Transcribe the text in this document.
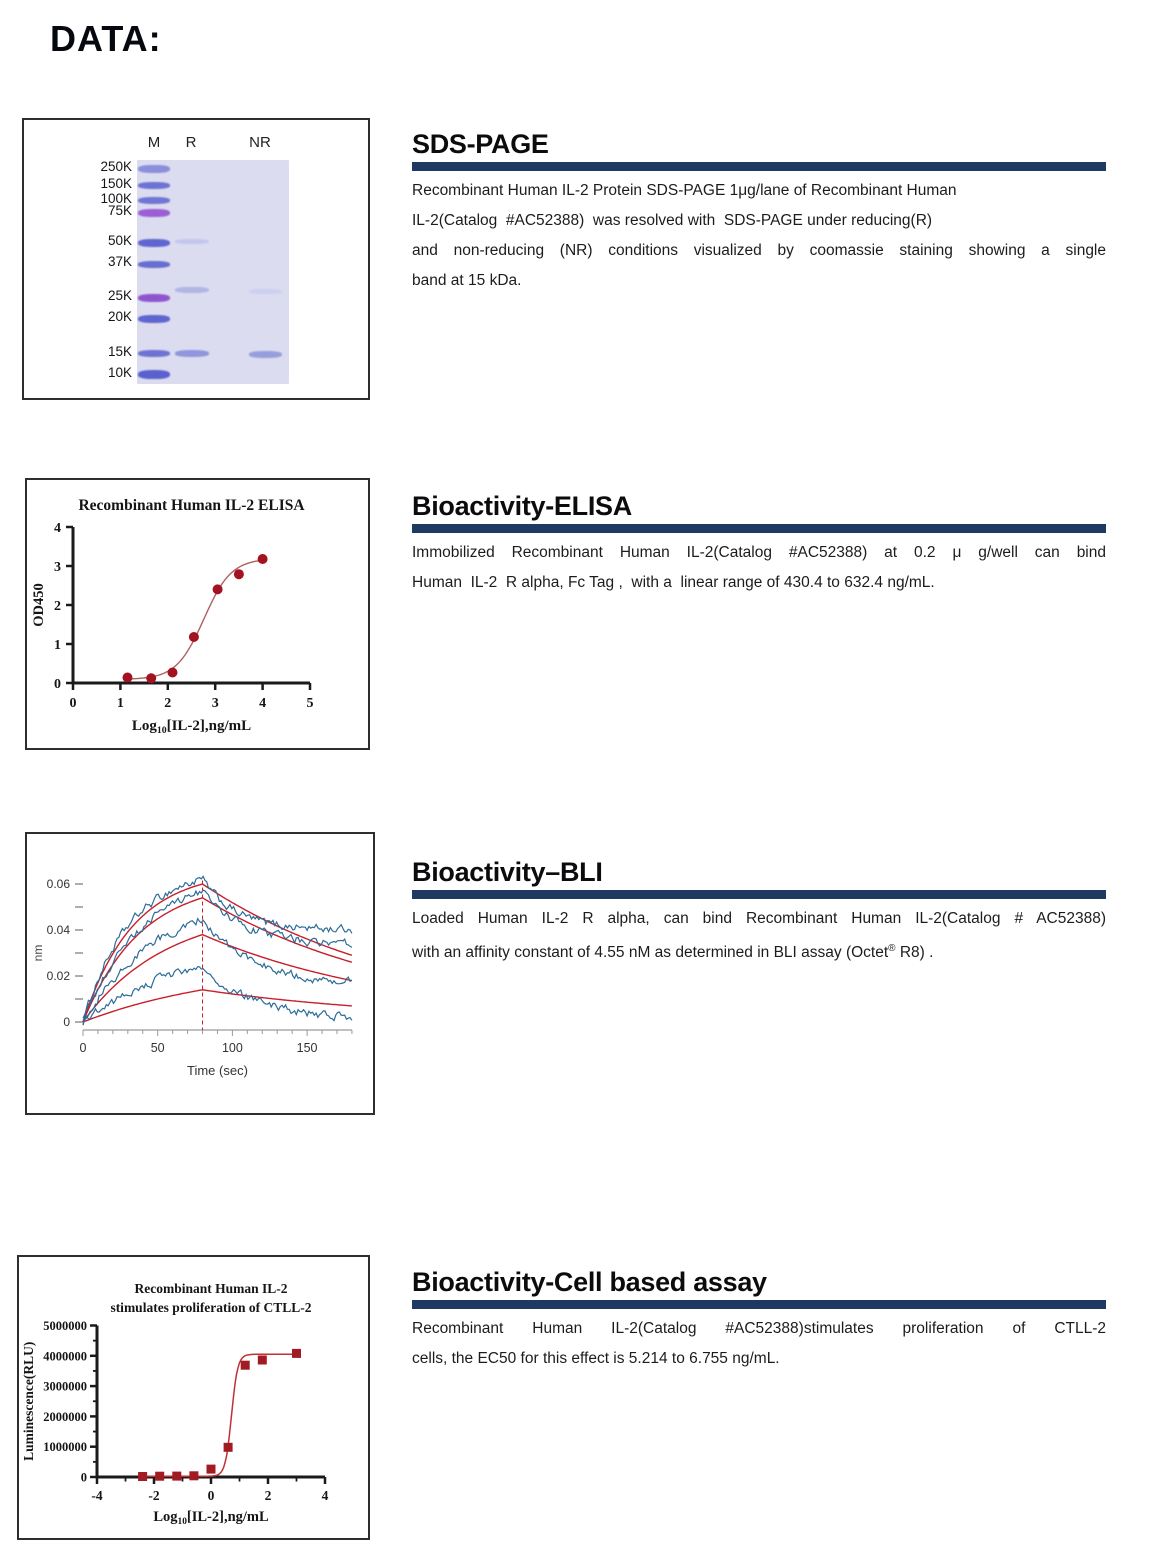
DATA:
M	R	NR
250K
150K
100K
75K
50K
37K
25K
20K
15K
10K
Recombinant Human IL-2 ELISA
0
1
2
3
4
0	1	2	3	4	5
OD450
Log$_{10}$[IL-2],ng/mL
0	50	100	150
Time (sec)
0
0.02
0.04
0.06
nm
Recombinant Human IL-2
stimulates proliferation of CTLL-2
0
1000000
2000000
3000000
4000000
5000000
-4	-2	0	2	4
Luminescence(RLU)
Log$_{10}$[IL-2],ng/mL
SDS-PAGE
Recombinant Human IL-2 Protein SDS-PAGE 1μg/lane of Recombinant Human
IL-2(Catalog  #AC52388)  was resolved with  SDS-PAGE under reducing(R)
and non-reducing (NR) conditions visualized by coomassie staining showing a single
band at 15 kDa.
Bioactivity-ELISA
Immobilized Recombinant Human IL-2(Catalog #AC52388) at 0.2 μ g/well can bind
Human  IL-2  R alpha, Fc Tag ,  with a  linear range of 430.4 to 632.4 ng/mL.
Bioactivity–BLI
Loaded Human IL-2 R alpha, can bind Recombinant Human IL-2(Catalog # AC52388)
with an affinity constant of 4.55 nM as determined in BLI assay (Octet® R8) .
Bioactivity-Cell based assay
Recombinant Human IL-2(Catalog #AC52388)stimulates proliferation of CTLL-2
cells, the EC50 for this effect is 5.214 to 6.755 ng/mL.
